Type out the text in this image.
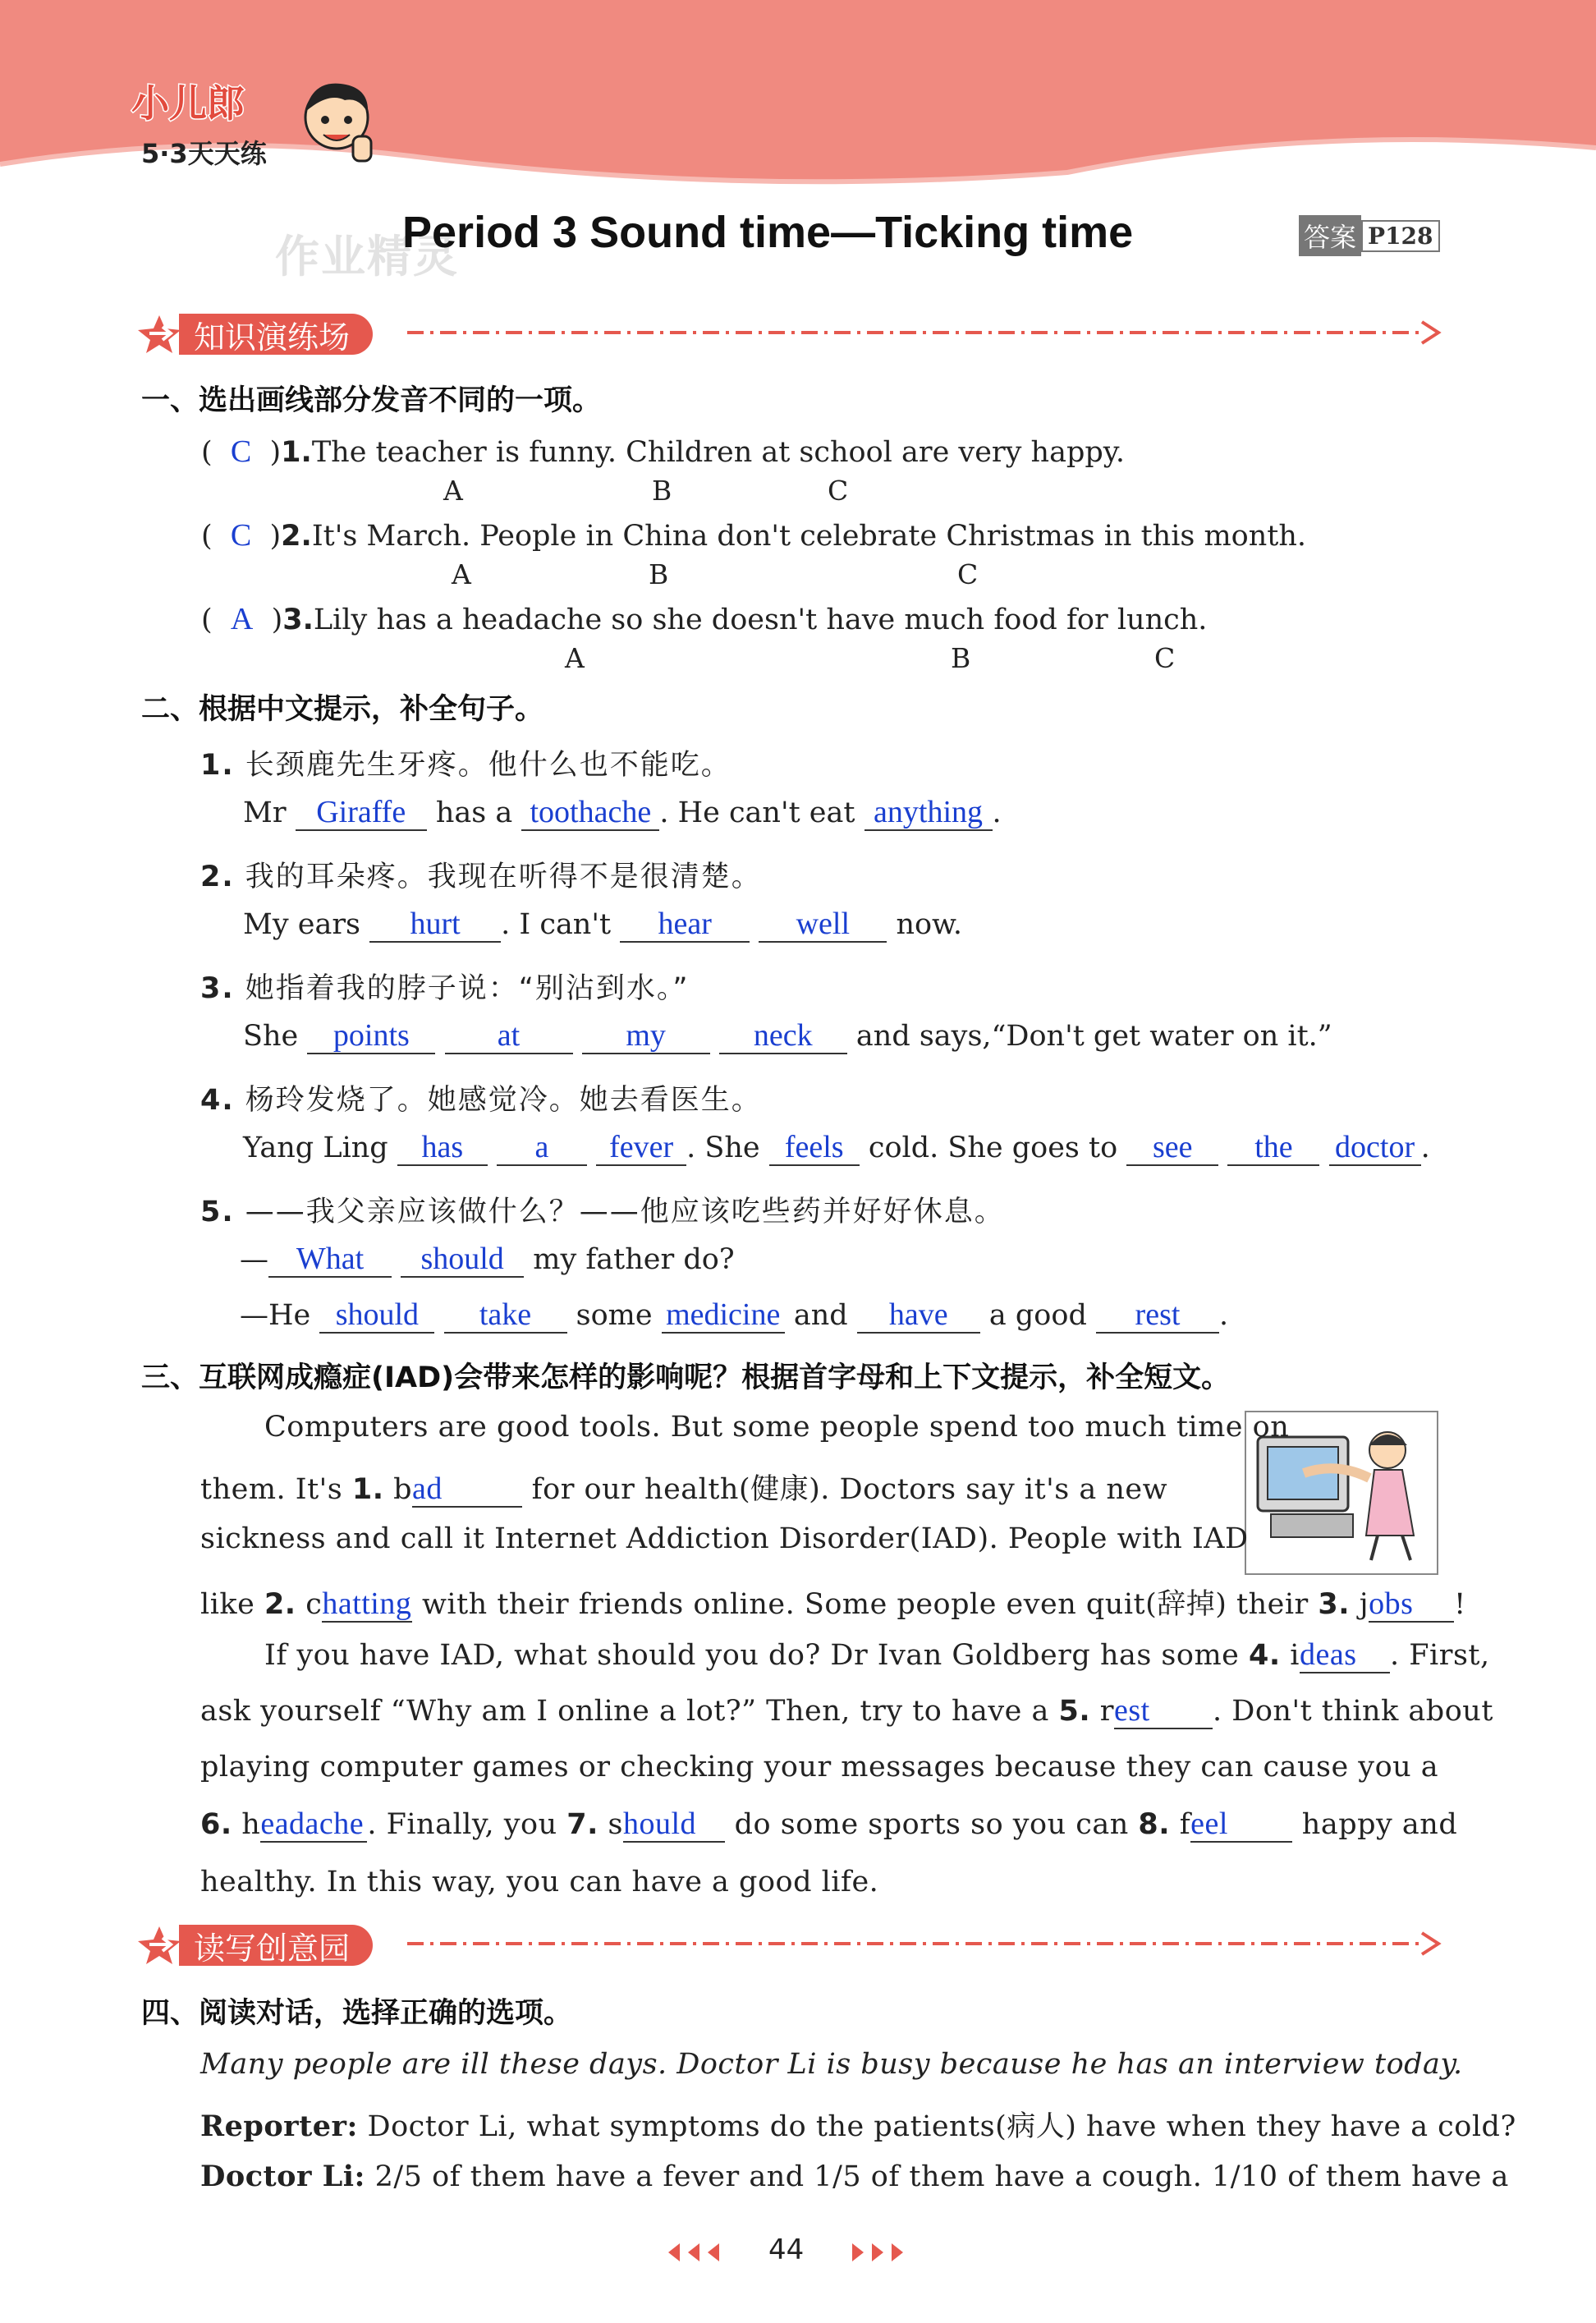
小儿郎
5·3天天练
作业精灵
Period 3 Sound time—Ticking time	答案 P128
知识演练场
一、选出画线部分发音不同的一项。
(  C  )1.The teacher is funny. Children at school are very happy.
A	B	C
(  C  )2.It's March. People in China don't celebrate Christmas in this month.
A	B	C
(  A  )3.Lily has a headache so she doesn't have much food for lunch.
A	B	C
二、根据中文提示，补全句子。
1. 长颈鹿先生牙疼。他什么也不能吃。
Mr Giraffe has a toothache . He can't eat anything .
2. 我的耳朵疼。我现在听得不是很清楚。
My ears hurt . I can't hear	well now.
3. 她指着我的脖子说：“别沾到水。”
She points	at	my	neck and says,“Don't get water on it.”
4. 杨玲发烧了。她感觉冷。她去看医生。
Yang Ling has a fever . She feels cold. She goes to see the doctor .
5. ——我父亲应该做什么？——他应该吃些药并好好休息。
— What should my father do?
—He should take some medicine and have a good rest .
三、互联网成瘾症(IAD)会带来怎样的影响呢？根据首字母和上下文提示，补全短文。
Computers are good tools. But some people spend too much time on
them. It's 1. bad	for our health(健康). Doctors say it's a new
sickness and call it Internet Addiction Disorder(IAD). People with IAD
like 2. chatting with their friends online. Some people even quit(辞掉) their 3. jobs !
If you have IAD, what should you do? Dr Ivan Goldberg has some 4. ideas . First,
ask yourself “Why am I online a lot?” Then, try to have a 5. rest . Don't think about
playing computer games or checking your messages because they can cause you a
6. headache . Finally, you 7. should do some sports so you can 8. feel happy and
healthy. In this way, you can have a good life.
读写创意园
四、阅读对话，选择正确的选项。
Many people are ill these days. Doctor Li is busy because he has an interview today.
Reporter: Doctor Li, what symptoms do the patients(病人) have when they have a cold?
Doctor Li: 2/5 of them have a fever and 1/5 of them have a cough. 1/10 of them have a
44
